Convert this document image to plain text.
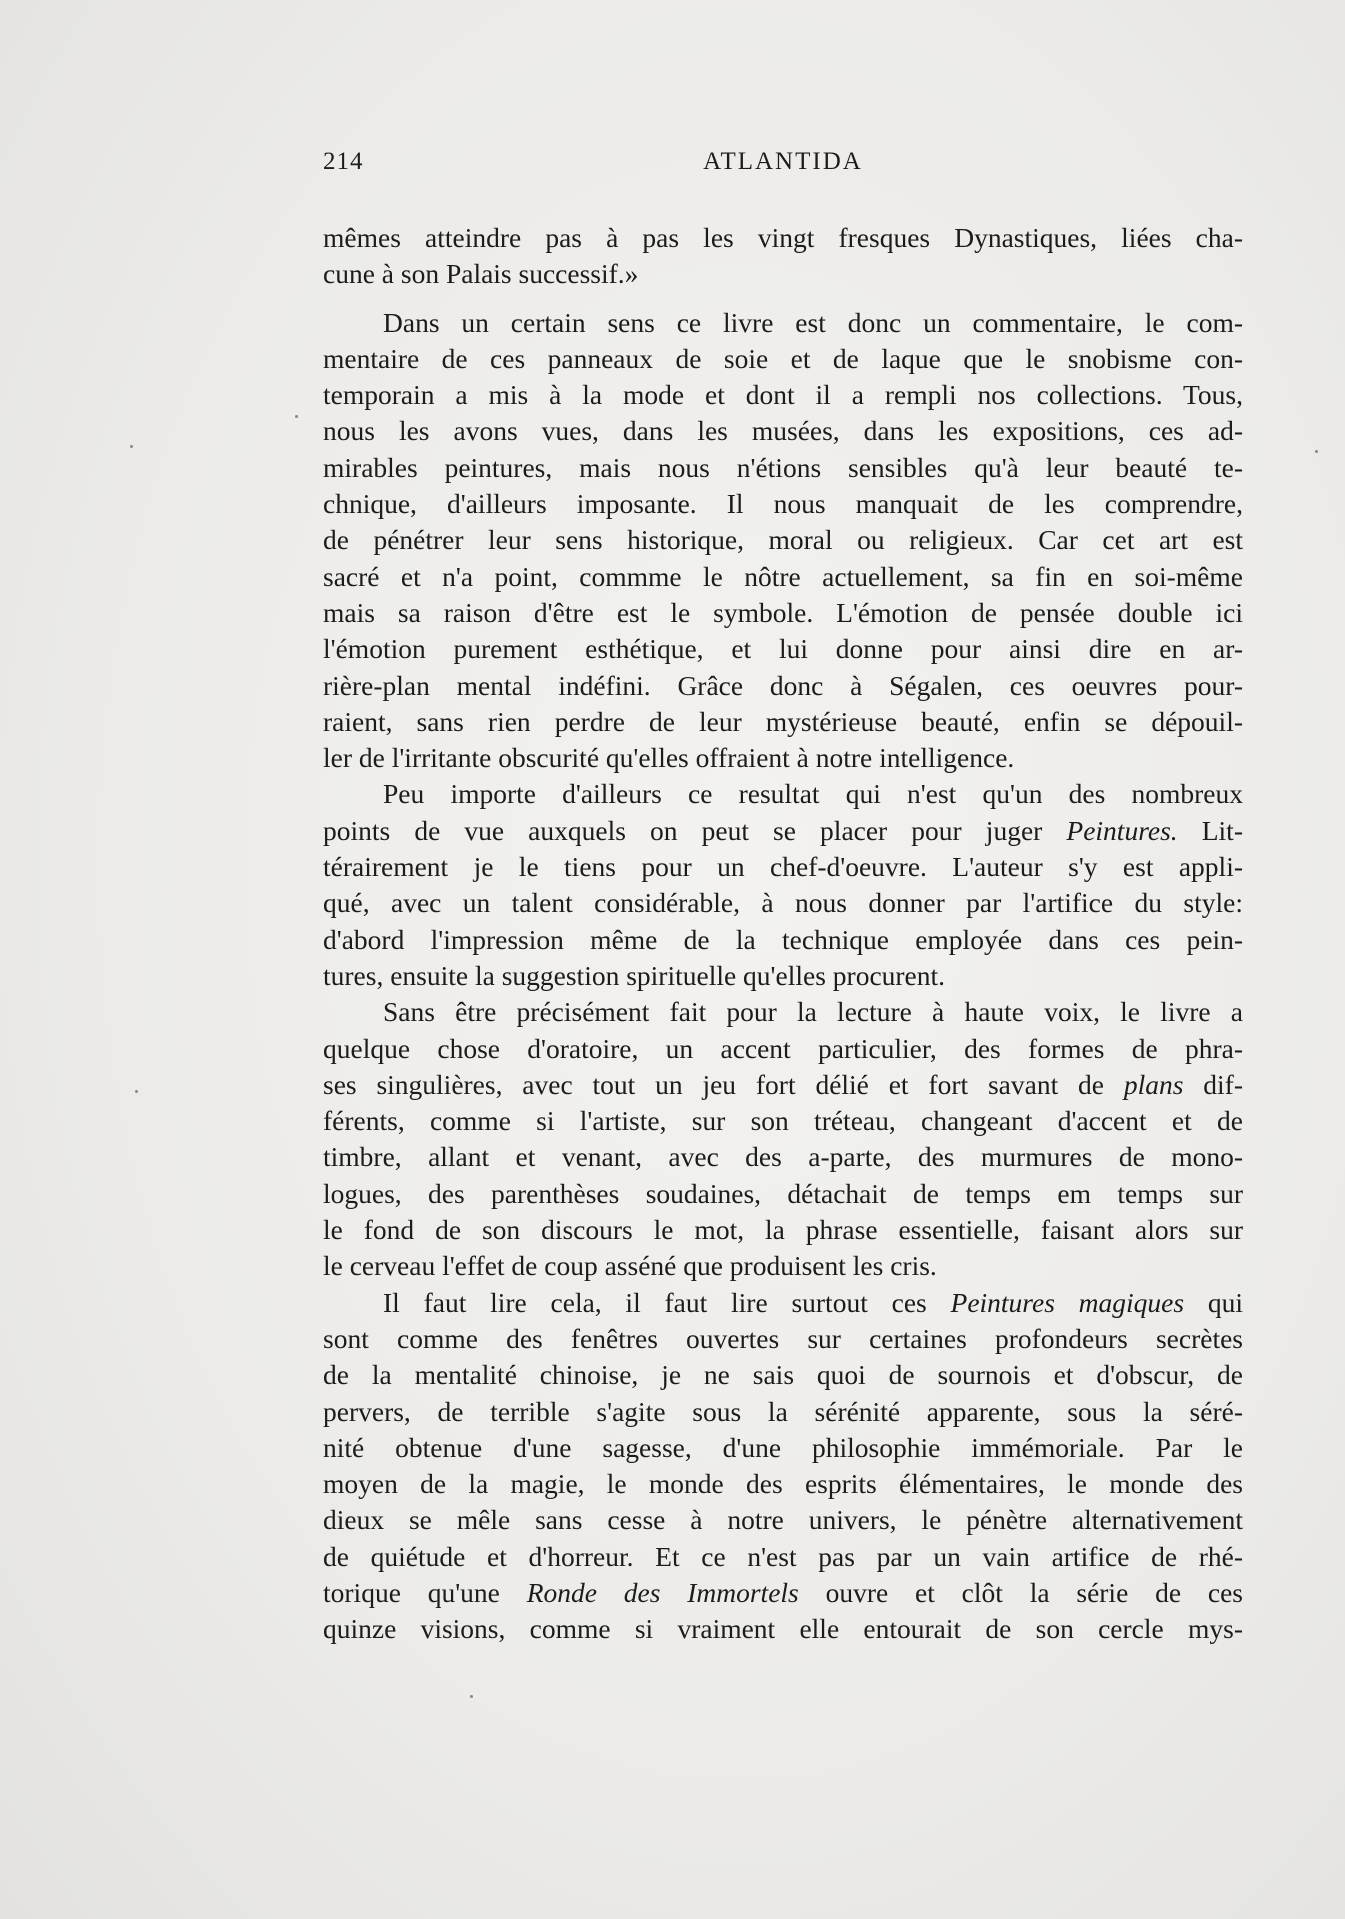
214	ATLANTIDA
mêmes atteindre pas à pas les vingt fresques Dynastiques, liées cha-
cune à son Palais successif.»
Dans un certain sens ce livre est donc un commentaire, le com-
mentaire de ces panneaux de soie et de laque que le snobisme con-
temporain a mis à la mode et dont il a rempli nos collections. Tous,
nous les avons vues, dans les musées, dans les expositions, ces ad-
mirables peintures, mais nous n'étions sensibles qu'à leur beauté te-
chnique, d'ailleurs imposante. Il nous manquait de les comprendre,
de pénétrer leur sens historique, moral ou religieux. Car cet art est
sacré et n'a point, commme le nôtre actuellement, sa fin en soi-même
mais sa raison d'être est le symbole. L'émotion de pensée double ici
l'émotion purement esthétique, et lui donne pour ainsi dire en ar-
rière-plan mental indéfini. Grâce donc à Ségalen, ces oeuvres pour-
raient, sans rien perdre de leur mystérieuse beauté, enfin se dépouil-
ler de l'irritante obscurité qu'elles offraient à notre intelligence.
Peu importe d'ailleurs ce resultat qui n'est qu'un des nombreux
points de vue auxquels on peut se placer pour juger Peintures. Lit-
térairement je le tiens pour un chef-d'oeuvre. L'auteur s'y est appli-
qué, avec un talent considérable, à nous donner par l'artifice du style:
d'abord l'impression même de la technique employée dans ces pein-
tures, ensuite la suggestion spirituelle qu'elles procurent.
Sans être précisément fait pour la lecture à haute voix, le livre a
quelque chose d'oratoire, un accent particulier, des formes de phra-
ses singulières, avec tout un jeu fort délié et fort savant de plans dif-
férents, comme si l'artiste, sur son tréteau, changeant d'accent et de
timbre, allant et venant, avec des a-parte, des murmures de mono-
logues, des parenthèses soudaines, détachait de temps em temps sur
le fond de son discours le mot, la phrase essentielle, faisant alors sur
le cerveau l'effet de coup asséné que produisent les cris.
Il faut lire cela, il faut lire surtout ces Peintures magiques qui
sont comme des fenêtres ouvertes sur certaines profondeurs secrètes
de la mentalité chinoise, je ne sais quoi de sournois et d'obscur, de
pervers, de terrible s'agite sous la sérénité apparente, sous la séré-
nité obtenue d'une sagesse, d'une philosophie immémoriale. Par le
moyen de la magie, le monde des esprits élémentaires, le monde des
dieux se mêle sans cesse à notre univers, le pénètre alternativement
de quiétude et d'horreur. Et ce n'est pas par un vain artifice de rhé-
torique qu'une Ronde des Immortels ouvre et clôt la série de ces
quinze visions, comme si vraiment elle entourait de son cercle mys-
